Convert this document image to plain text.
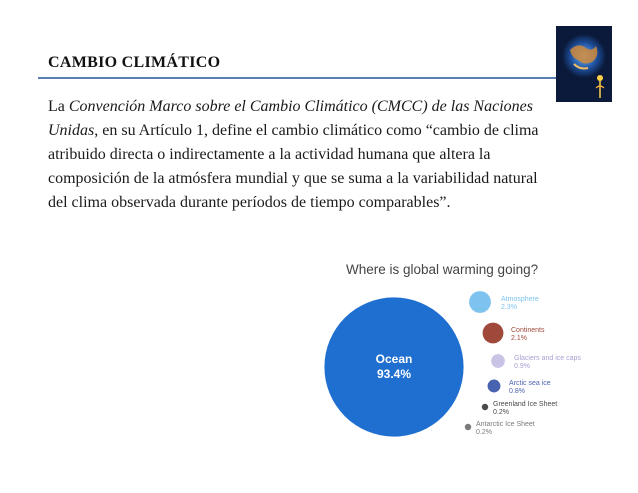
CAMBIO CLIMÁTICO

La Convención Marco sobre el Cambio Climático (CMCC) de las Naciones Unidas, en su Artículo 1, define el cambio climático como “cambio de clima atribuido directa o indirectamente a la actividad humana que altera la composición de la atmósfera mundial y que se suma a la variabilidad natural del clima observada durante períodos de tiempo comparables”.

Where is global warming going?
Ocean
93.4%
Atmosphere
2.3%
Continents
2.1%
Glaciers and ice caps
0.9%
Arctic sea ice
0.8%
Greenland Ice Sheet
0.2%
Antarctic Ice Sheet
0.2%
